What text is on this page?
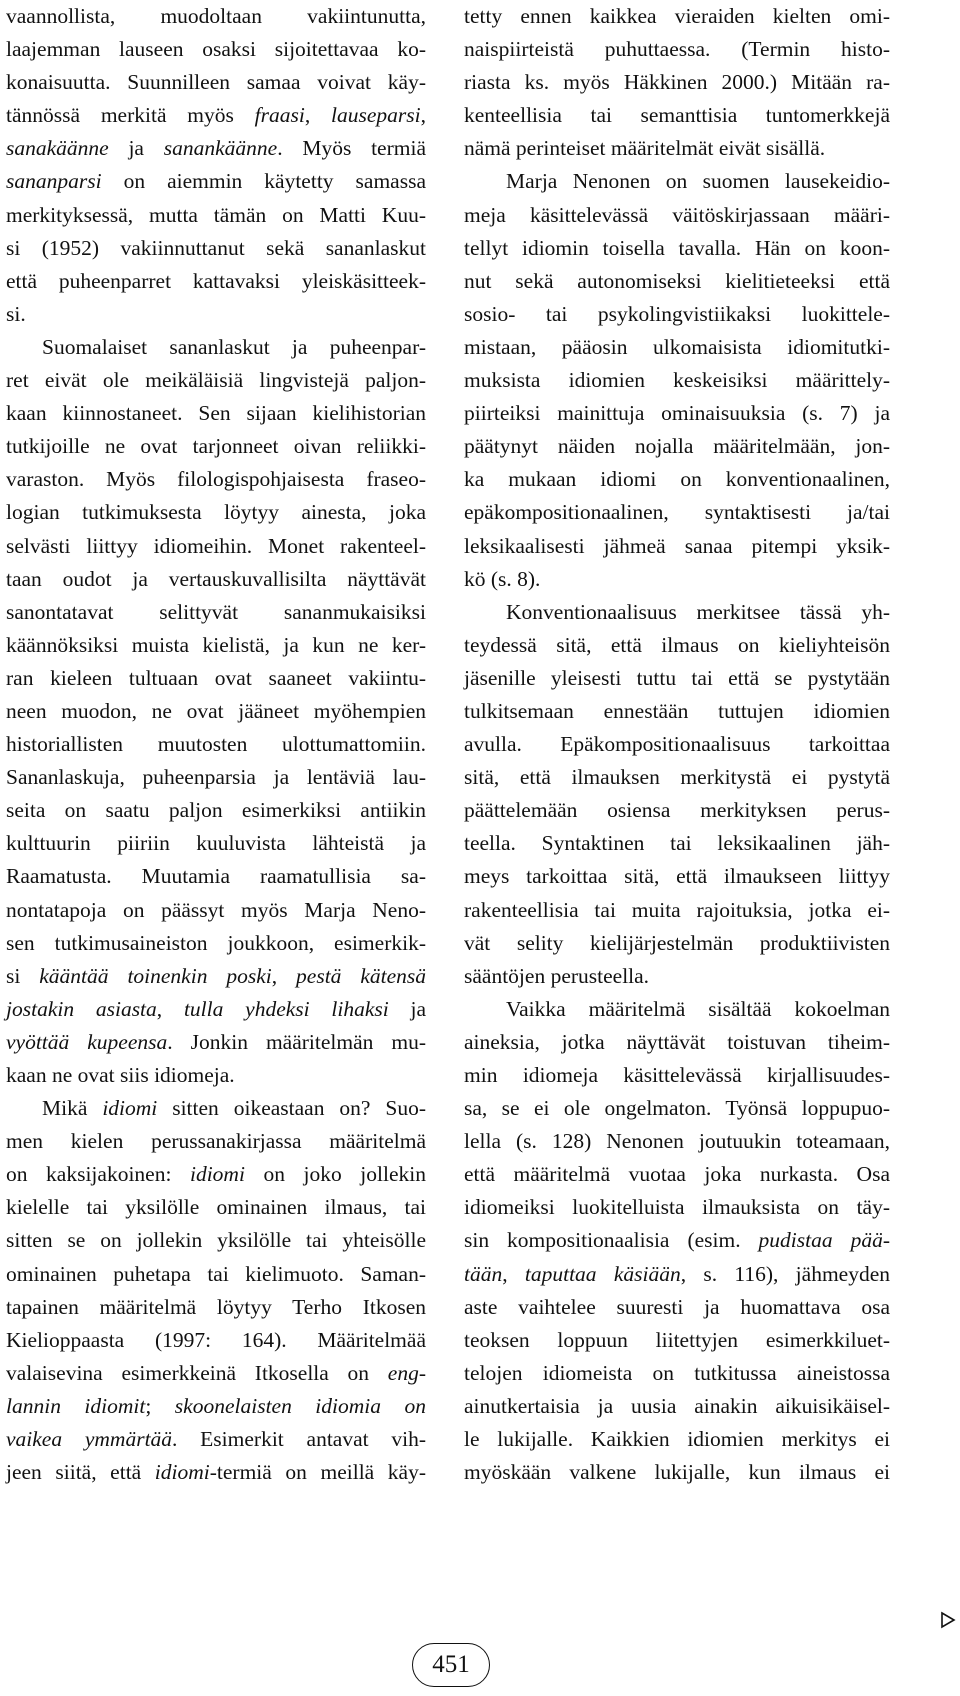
vaannollista, muodoltaan vakiintunutta,
laajemman lauseen osaksi sijoitettavaa ko-
konaisuutta. Suunnilleen samaa voivat käy-
tännössä merkitä myös fraasi, lauseparsi,
sanakäänne ja sanankäänne. Myös termiä
sananparsi on aiemmin käytetty samassa
merkityksessä, mutta tämän on Matti Kuu-
si (1952) vakiinnuttanut sekä sananlaskut
että puheenparret kattavaksi yleiskäsitteek-
si.
Suomalaiset sananlaskut ja puheenpar-
ret eivät ole meikäläisiä lingvistejä paljon-
kaan kiinnostaneet. Sen sijaan kielihistorian
tutkijoille ne ovat tarjonneet oivan reliikki-
varaston. Myös filologispohjaisesta fraseo-
logian tutkimuksesta löytyy ainesta, joka
selvästi liittyy idiomeihin. Monet rakenteel-
taan oudot ja vertauskuvallisilta näyttävät
sanontatavat selittyvät sananmukaisiksi
käännöksiksi muista kielistä, ja kun ne ker-
ran kieleen tultuaan ovat saaneet vakiintu-
neen muodon, ne ovat jääneet myöhempien
historiallisten muutosten ulottumattomiin.
Sananlaskuja, puheenparsia ja lentäviä lau-
seita on saatu paljon esimerkiksi antiikin
kulttuurin piiriin kuuluvista lähteistä ja
Raamatusta. Muutamia raamatullisia sa-
nontatapoja on päässyt myös Marja Neno-
sen tutkimusaineiston joukkoon, esimerkik-
si kääntää toinenkin poski, pestä kätensä
jostakin asiasta, tulla yhdeksi lihaksi ja
vyöttää kupeensa. Jonkin määritelmän mu-
kaan ne ovat siis idiomeja.
Mikä idiomi sitten oikeastaan on? Suo-
men kielen perussanakirjassa määritelmä
on kaksijakoinen: idiomi on joko jollekin
kielelle tai yksilölle ominainen ilmaus, tai
sitten se on jollekin yksilölle tai yhteisölle
ominainen puhetapa tai kielimuoto. Saman-
tapainen määritelmä löytyy Terho Itkosen
Kielioppaasta (1997: 164). Määritelmää
valaisevina esimerkkeinä Itkosella on eng-
lannin idiomit; skoonelaisten idiomia on
vaikea ymmärtää. Esimerkit antavat vih-
jeen siitä, että idiomi-termiä on meillä käy-
tetty ennen kaikkea vieraiden kielten omi-
naispiirteistä puhuttaessa. (Termin histo-
riasta ks. myös Häkkinen 2000.) Mitään ra-
kenteellisia tai semanttisia tuntomerkkejä
nämä perinteiset määritelmät eivät sisällä.
Marja Nenonen on suomen lausekeidio-
meja käsittelevässä väitöskirjassaan määri-
tellyt idiomin toisella tavalla. Hän on koon-
nut sekä autonomiseksi kielitieteeksi että
sosio- tai psykolingvistiikaksi luokittele-
mistaan, pääosin ulkomaisista idiomitutki-
muksista idiomien keskeisiksi määrittely-
piirteiksi mainittuja ominaisuuksia (s. 7) ja
päätynyt näiden nojalla määritelmään, jon-
ka mukaan idiomi on konventionaalinen,
epäkompositionaalinen, syntaktisesti ja/tai
leksikaalisesti jähmeä sanaa pitempi yksik-
kö (s. 8).
Konventionaalisuus merkitsee tässä yh-
teydessä sitä, että ilmaus on kieliyhteisön
jäsenille yleisesti tuttu tai että se pystytään
tulkitsemaan ennestään tuttujen idiomien
avulla. Epäkompositionaalisuus tarkoittaa
sitä, että ilmauksen merkitystä ei pystytä
päättelemään osiensa merkityksen perus-
teella. Syntaktinen tai leksikaalinen jäh-
meys tarkoittaa sitä, että ilmaukseen liittyy
rakenteellisia tai muita rajoituksia, jotka ei-
vät selity kielijärjestelmän produktiivisten
sääntöjen perusteella.
Vaikka määritelmä sisältää kokoelman
aineksia, jotka näyttävät toistuvan tiheim-
min idiomeja käsittelevässä kirjallisuudes-
sa, se ei ole ongelmaton. Työnsä loppupuo-
lella (s. 128) Nenonen joutuukin toteamaan,
että määritelmä vuotaa joka nurkasta. Osa
idiomeiksi luokitelluista ilmauksista on täy-
sin kompositionaalisia (esim. pudistaa pää-
tään, taputtaa käsiään, s. 116), jähmeyden
aste vaihtelee suuresti ja huomattava osa
teoksen loppuun liitettyjen esimerkkiluet-
telojen idiomeista on tutkitussa aineistossa
ainutkertaisia ja uusia ainakin aikuisikäisel-
le lukijalle. Kaikkien idiomien merkitys ei
myöskään valkene lukijalle, kun ilmaus ei
451
